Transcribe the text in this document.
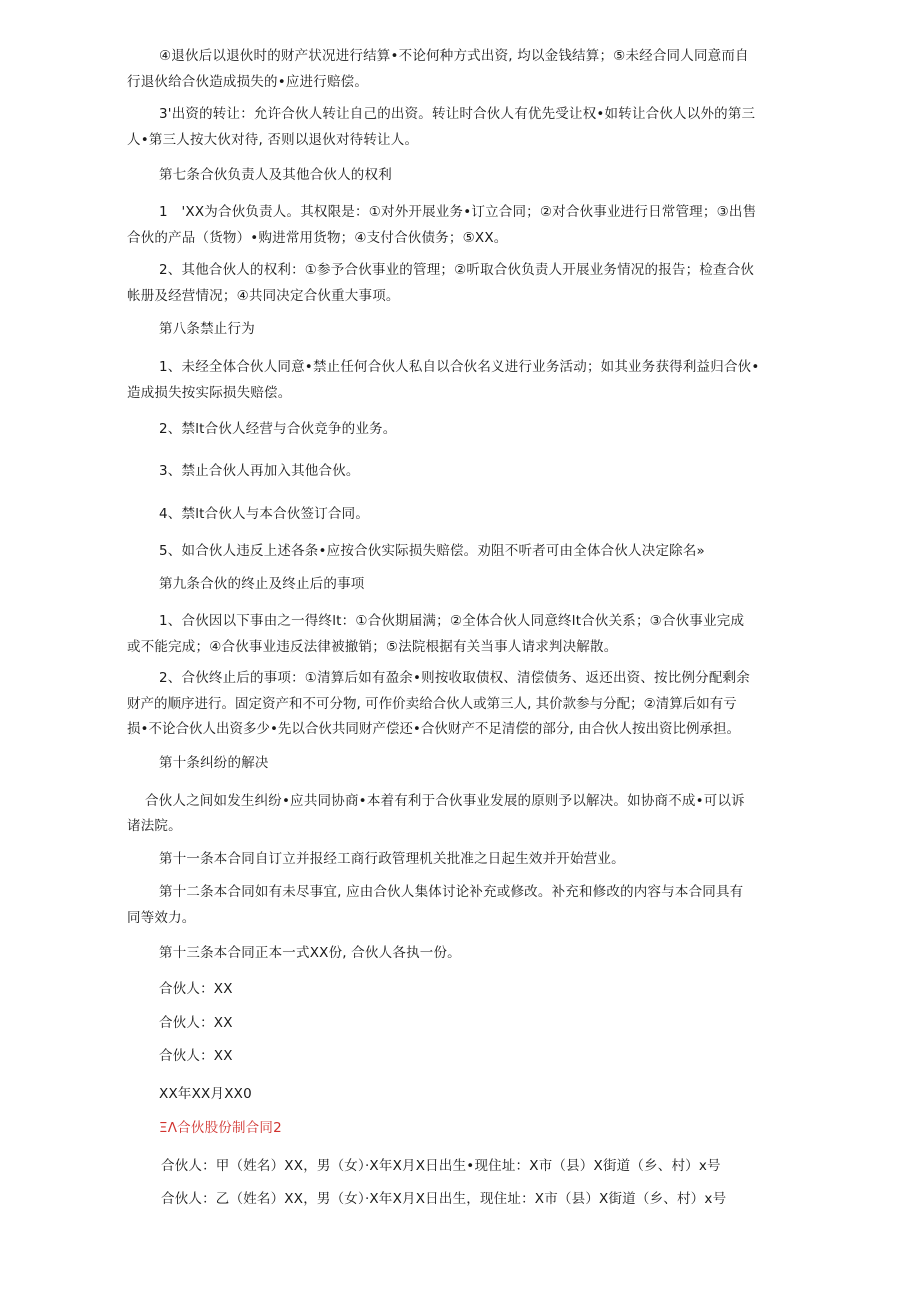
④退伙后以退伙时的财产状况进行结算•不论何种方式出资, 均以金钱结算；⑤未经合同人同意而自

行退伙给合伙造成损失的•应进行赔偿。

3'出资的转让：允许合伙人转让自己的出资。转让时合伙人有优先受让权•如转让合伙人以外的第三

人•第三人按大伙对待, 否则以退伙对待转让人。

第七条合伙负责人及其他合伙人的权利

1　'XX为合伙负责人。其权限是：①对外开展业务•订立合同；②对合伙事业进行日常管理；③出售

合伙的产品（货物）•购进常用货物；④支付合伙债务；⑤XX。

2、其他合伙人的权利：①参予合伙事业的管理；②听取合伙负责人开展业务情况的报告；检查合伙

帐册及经营情况；④共同决定合伙重大事项。

第八条禁止行为

1、未经全体合伙人同意•禁止任何合伙人私自以合伙名义进行业务活动；如其业务获得利益归合伙•

造成损失按实际损失赔偿。

2、禁lt合伙人经营与合伙竞争的业务。

3、禁止合伙人再加入其他合伙。

4、禁lt合伙人与本合伙签订合同。

5、如合伙人违反上述各条•应按合伙实际损失赔偿。劝阻不听者可由全体合伙人决定除名»

第九条合伙的终止及终止后的事项

1、合伙因以下事由之一得终lt：①合伙期届满；②全体合伙人同意终lt合伙关系；③合伙事业完成

或不能完成；④合伙事业违反法律被撤销；⑤法院根据有关当事人请求判决解散。

2、合伙终止后的事项：①清算后如有盈余•则按收取债权、清偿债务、返还出资、按比例分配剩余

财产的顺序进行。固定资产和不可分物, 可作价卖给合伙人或第三人, 其价款参与分配；②清算后如有亏

损•不论合伙人出资多少•先以合伙共同财产偿还•合伙财产不足清偿的部分, 由合伙人按出资比例承担。

第十条纠纷的解决

合伙人之间如发生纠纷•应共同协商•本着有利于合伙事业发展的原则予以解决。如协商不成•可以诉

诸法院。

第十一条本合同自订立并报经工商行政管理机关批准之日起生效并开始营业。

第十二条本合同如有未尽事宜, 应由合伙人集体讨论补充或修改。补充和修改的内容与本合同具有

同等效力。

第十三条本合同正本一式XX份, 合伙人各执一份。

合伙人：XX

合伙人：XX

合伙人：XX

XX年XX月XX0

ΞΛ合伙股份制合同2

合伙人：甲（姓名）XX，男（女）·X年X月X日出生•现住址：X市（县）X街道（乡、村）x号

合伙人：乙（姓名）XX，男（女）·X年X月X日出生，现住址：X市（县）X街道（乡、村）x号
